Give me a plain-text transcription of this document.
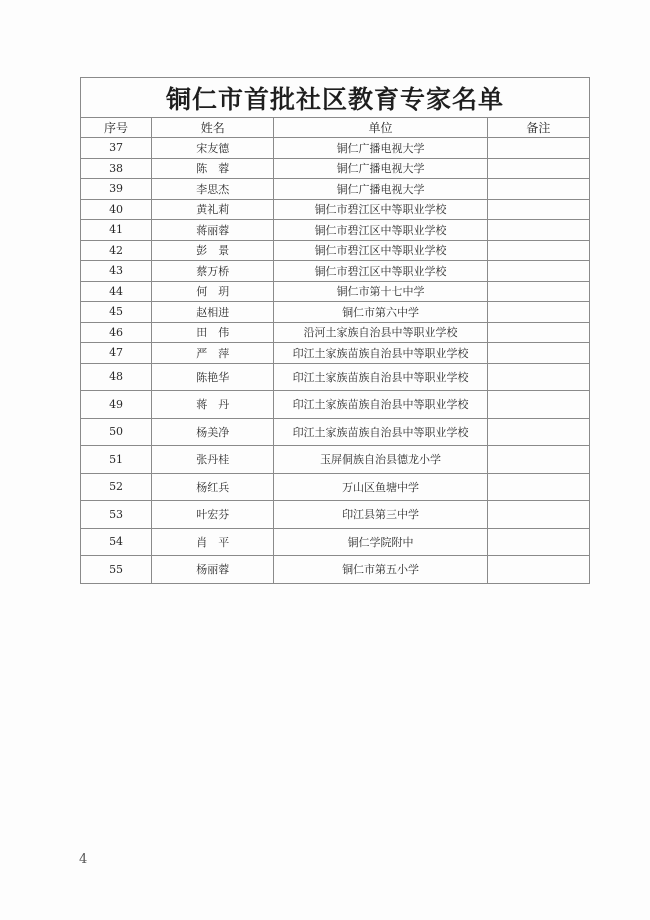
铜仁市首批社区教育专家名单			
序号	姓名	单位	备注
37	宋友德	铜仁广播电视大学	
38	陈　蓉	铜仁广播电视大学	
39	李思杰	铜仁广播电视大学	
40	黄礼莉	铜仁市碧江区中等职业学校	
41	蒋丽蓉	铜仁市碧江区中等职业学校	
42	彭　景	铜仁市碧江区中等职业学校	
43	蔡万桥	铜仁市碧江区中等职业学校	
44	何　玥	铜仁市第十七中学	
45	赵相进	铜仁市第六中学	
46	田　伟	沿河土家族自治县中等职业学校	
47	严　萍	印江土家族苗族自治县中等职业学校	
48	陈艳华	印江土家族苗族自治县中等职业学校	
49	蒋　丹	印江土家族苗族自治县中等职业学校	
50	杨美净	印江土家族苗族自治县中等职业学校	
51	张丹桂	玉屏侗族自治县德龙小学	
52	杨红兵	万山区鱼塘中学	
53	叶宏芬	印江县第三中学	
54	肖　平	铜仁学院附中	
55	杨丽蓉	铜仁市第五小学	
4
